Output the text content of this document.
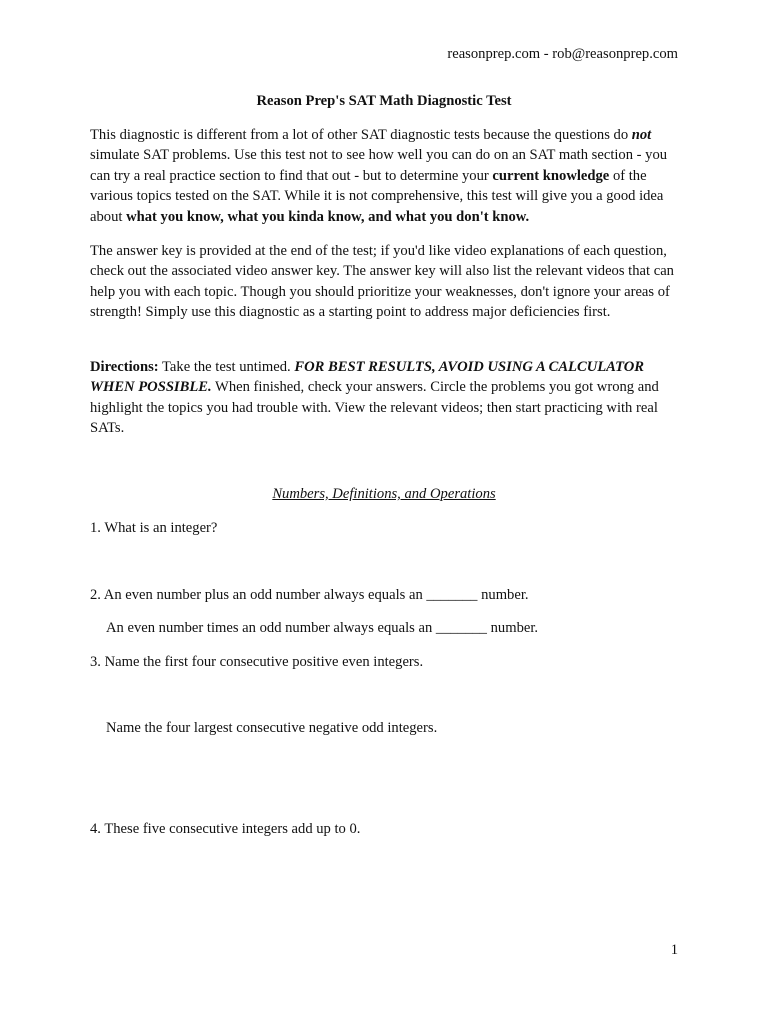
reasonprep.com - rob@reasonprep.com
Reason Prep's SAT Math Diagnostic Test
This diagnostic is different from a lot of other SAT diagnostic tests because the questions do not simulate SAT problems. Use this test not to see how well you can do on an SAT math section - you can try a real practice section to find that out - but to determine your current knowledge of the various topics tested on the SAT. While it is not comprehensive, this test will give you a good idea about what you know, what you kinda know, and what you don't know.
The answer key is provided at the end of the test; if you'd like video explanations of each question, check out the associated video answer key. The answer key will also list the relevant videos that can help you with each topic. Though you should prioritize your weaknesses, don't ignore your areas of strength! Simply use this diagnostic as a starting point to address major deficiencies first.
Directions: Take the test untimed. FOR BEST RESULTS, AVOID USING A CALCULATOR WHEN POSSIBLE. When finished, check your answers. Circle the problems you got wrong and highlight the topics you had trouble with. View the relevant videos; then start practicing with real SATs.
Numbers, Definitions, and Operations
1. What is an integer?
2. An even number plus an odd number always equals an _______ number.
An even number times an odd number always equals an _______ number.
3. Name the first four consecutive positive even integers.
Name the four largest consecutive negative odd integers.
4. These five consecutive integers add up to 0.
1
